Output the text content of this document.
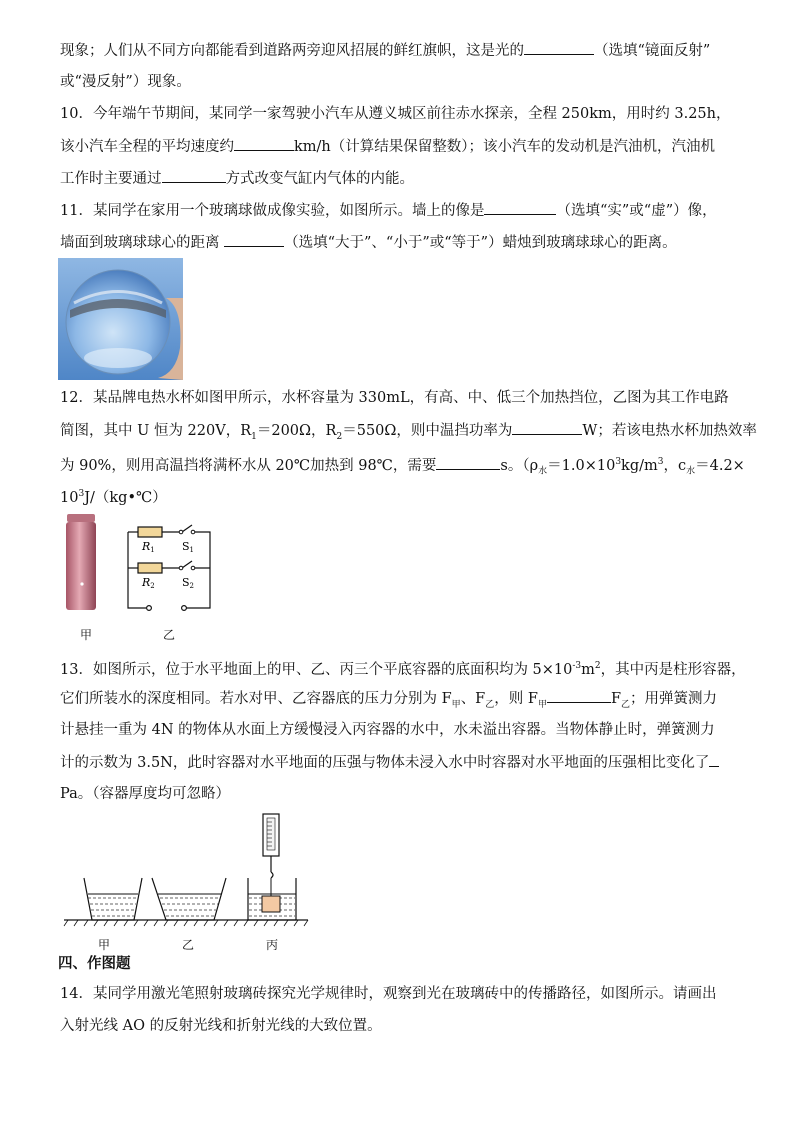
现象；人们从不同方向都能看到道路两旁迎风招展的鲜红旗帜，这是光的	（选填“镜面反射”
或“漫反射”）现象。
10．今年端午节期间，某同学一家驾驶小汽车从遵义城区前往赤水探亲，全程 250km，用时约 3.25h，
该小汽车全程的平均速度约	km/h（计算结果保留整数）；该小汽车的发动机是汽油机，汽油机
工作时主要通过	方式改变气缸内气体的内能。
11．某同学在家用一个玻璃球做成像实验，如图所示。墙上的像是	（选填“实”或“虚”）像，
墙面到玻璃球球心的距离	（选填“大于”、“小于”或“等于”）蜡烛到玻璃球球心的距离。
12．某品牌电热水杯如图甲所示，水杯容量为 330mL，有高、中、低三个加热挡位，乙图为其工作电路
简图，其中 U 恒为 220V，$R_1=200\Omega$，$R_2=550\Omega$，则中温挡功率为	W；若该电热水杯加热效率
为 90%，则用高温挡将满杯水从 20℃加热到 98℃，需要	s。（$\rho_水=1.0\times 10^3kg/m^3$，$c_水=4.2\times$
$10^3J/(kg•℃)$
甲
R1
R2
S1
S2
乙
13．如图所示，位于水平地面上的甲、乙、丙三个平底容器的底面积均为 $5\times 10^{-3}m^2$，其中丙是柱形容器，
它们所装水的深度相同。若水对甲、乙容器底的压力分别为 $F_甲$、$F_乙$，则 $F_甲$	$F_乙$；用弹簧测力
计悬挂一重为 4N 的物体从水面上方缓慢浸入丙容器的水中，水未溢出容器。当物体静止时，弹簧测力
计的示数为 3.5N，此时容器对水平地面的压强与物体未浸入水中时容器对水平地面的压强相比变化了
Pa。（容器厚度均可忽略）
甲	乙	丙
四、作图题
14．某同学用激光笔照射玻璃砖探究光学规律时，观察到光在玻璃砖中的传播路径，如图所示。请画出
入射光线 AO 的反射光线和折射光线的大致位置。
